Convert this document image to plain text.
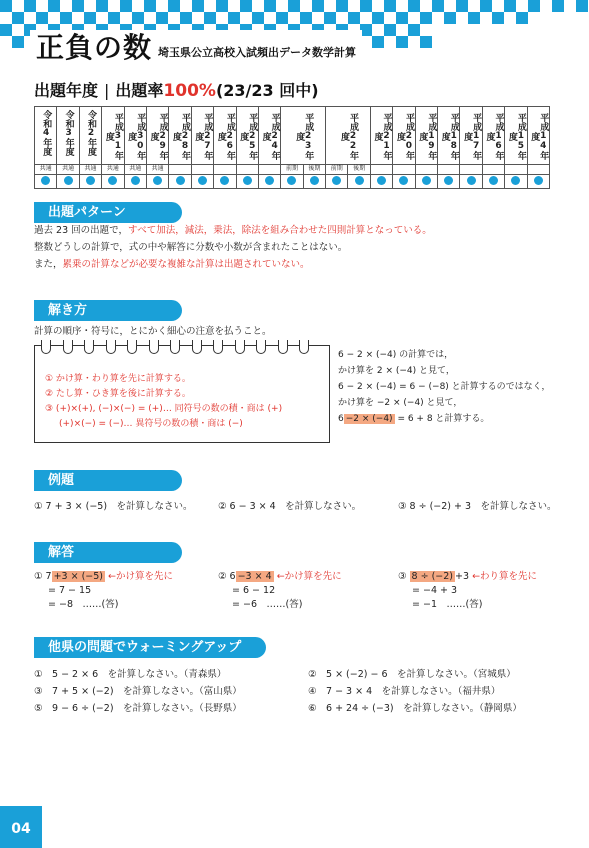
正負の数 埼玉県公立高校入試頻出データ数学計算
出題年度 | 出題率 100% (23/23 回中)
令和4年度	令和3年度	令和2年度	平成31年度	平成30年度	平成29年度	平成28年度	平成27年度	平成26年度	平成25年度	平成24年度	平成23年度		平成22年度		平成21年度	平成20年度	平成19年度	平成18年度	平成17年度	平成16年度	平成15年度	平成14年度

共通	共通	共通	共通	共通	共通						前期	後期	前期	後期								

出題パターン
過去 23 回の出題で，すべて加法，減法，乗法，除法を組み合わせた四則計算となっている。
整数どうしの計算で，式の中や解答に分数や小数が含まれたことはない。
また，累乗の計算などが必要な複雑な計算は出題されていない。
解き方
計算の順序・符号に，とにかく細心の注意を払うこと。
① かけ算・わり算を先に計算する。
② たし算・ひき算を後に計算する。
③ (+)×(+), (−)×(−) = (+)… 同符号の数の積・商は (+)
(+)×(−) = (−)… 異符号の数の積・商は (−)
6 − 2 × (−4) の計算では，
かけ算を 2 × (−4) と見て，
6 − 2 × (−4) = 6 − (−8) と計算するのではなく，
かけ算を −2 × (−4) と見て，
6 −2 × (−4) = 6 + 8 と計算する。
例題
① 7 + 3 × (−5)　を計算しなさい。	② 6 − 3 × 4　を計算しなさい。	③ 8 ÷ (−2) + 3　を計算しなさい。
解答
① 7 +3 × (−5) ←かけ算を先に
= 7 − 15
= −8　……(答)
② 6 −3 × 4 ←かけ算を先に
= 6 − 12
= −6　……(答)
③ 8 ÷ (−2) +3 ←わり算を先に
= −4 + 3
= −1　……(答)
他県の問題でウォーミングアップ
①　5 − 2 × 6　を計算しなさい。（青森県）	②　5 × (−2) − 6　を計算しなさい。（宮城県）
③　7 + 5 × (−2)　を計算しなさい。（富山県）	④　7 − 3 × 4　を計算しなさい。（福井県）
⑤　9 − 6 ÷ (−2)　を計算しなさい。（長野県）	⑥　6 + 24 ÷ (−3)　を計算しなさい。（静岡県）
04
